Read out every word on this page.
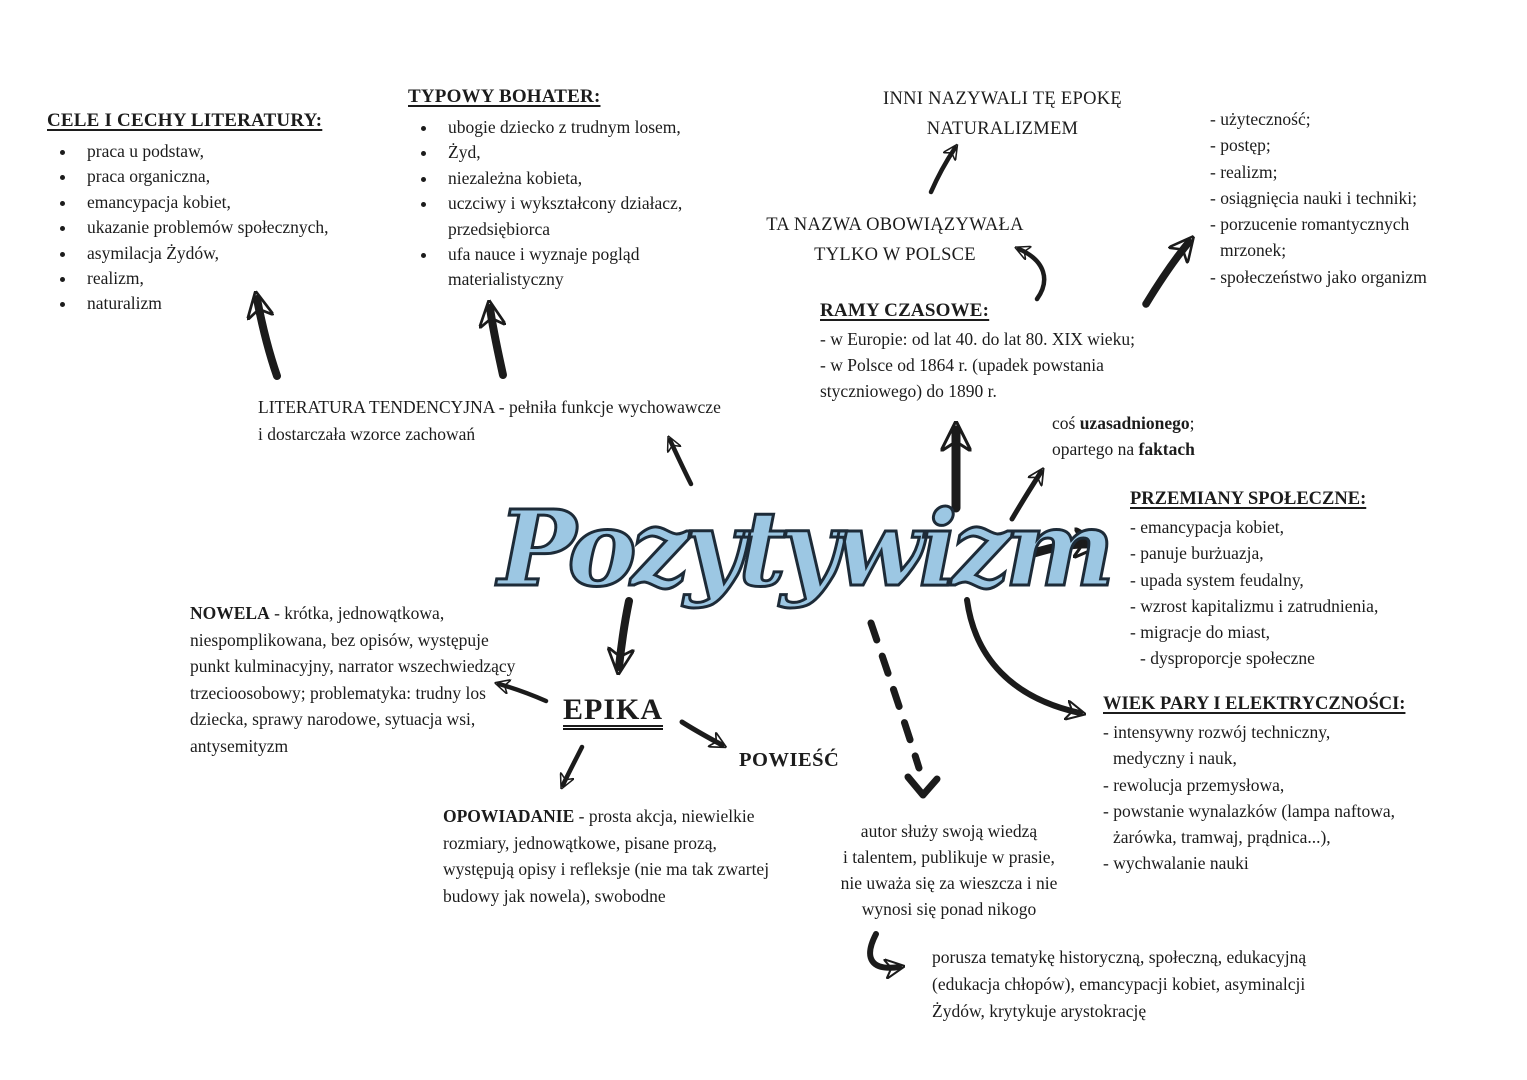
CELE I CECHY LITERATURY:
• praca u podstaw,
• praca organiczna,
• emancypacja kobiet,
• ukazanie problemów społecznych,
• asymilacja Żydów,
• realizm,
• naturalizm
TYPOWY BOHATER:
• ubogie dziecko z trudnym losem,
• Żyd,
• niezależna kobieta,
• uczciwy i wykształcony działacz, przedsiębiorca
• ufa nauce i wyznaje pogląd materialistyczny
INNI NAZYWALI TĘ EPOKĘ
NATURALIZMEM
TA NAZWA OBOWIĄZYWAŁA
TYLKO W POLSCE
- użyteczność;
- postęp;
- realizm;
- osiągnięcia nauki i techniki;
- porzucenie romantycznych
mrzonek;
- społeczeństwo jako organizm
RAMY CZASOWE:
- w Europie: od lat 40. do lat 80. XIX wieku;
- w Polsce od 1864 r. (upadek powstania
styczniowego) do 1890 r.
LITERATURA TENDENCYJNA - pełniła funkcje wychowawcze i dostarczała wzorce zachowań
coś uzasadnionego;
opartego na faktach
Pozytywizm PRZEMIANY SPOŁECZNE:
- emancypacja kobiet,
- panuje burżuazja,
- upada system feudalny,
- wzrost kapitalizmu i zatrudnienia,
- migracje do miast,
- dysproporcje społeczne
WIEK PARY I ELEKTRYCZNOŚCI:
- intensywny rozwój techniczny,
medyczny i nauk,
- rewolucja przemysłowa,
- powstanie wynalazków (lampa naftowa,
żarówka, tramwaj, prądnica...),
- wychwalanie nauki
NOWELA - krótka, jednowątkowa, niespomplikowana, bez opisów, występuje punkt kulminacyjny, narrator wszechwiedzący trzecioosobowy; problematyka: trudny los dziecka, sprawy narodowe, sytuacja wsi, antysemityzm
EPIKA
POWIEŚĆ
OPOWIADANIE - prosta akcja, niewielkie rozmiary, jednowątkowe, pisane prozą, występują opisy i refleksje (nie ma tak zwartej budowy jak nowela), swobodne
autor służy swoją wiedzą
i talentem, publikuje w prasie,
nie uważa się za wieszcza i nie
wynosi się ponad nikogo
porusza tematykę historyczną, społeczną, edukacyjną
(edukacja chłopów), emancypacji kobiet, asyminalcji
Żydów, krytykuje arystokrację
